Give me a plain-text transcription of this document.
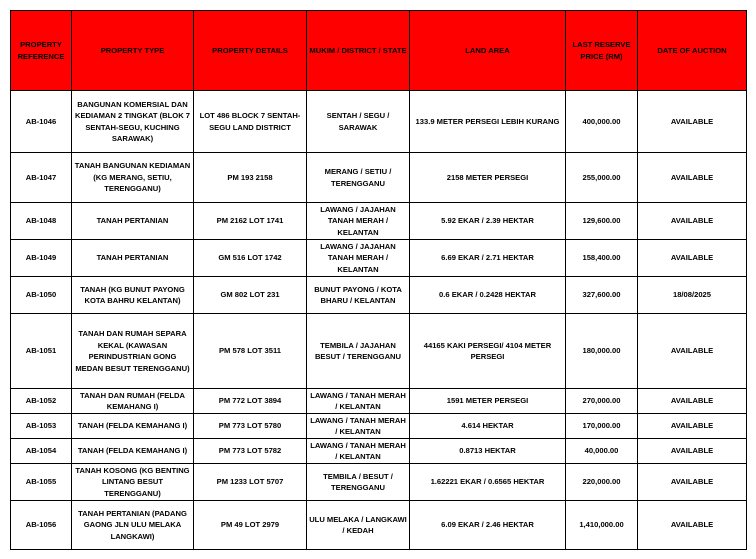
PROPERTY REFERENCE	PROPERTY TYPE	PROPERTY DETAILS	MUKIM / DISTRICT / STATE	LAND AREA	LAST RESERVE PRICE (RM)	DATE OF AUCTION
AB-1046	BANGUNAN KOMERSIAL DAN KEDIAMAN 2 TINGKAT (BLOK 7 SENTAH-SEGU, KUCHING SARAWAK)	LOT 486 BLOCK 7 SENTAH-SEGU LAND DISTRICT	SENTAH / SEGU / SARAWAK	133.9 METER PERSEGI LEBIH KURANG	400,000.00	AVAILABLE
AB-1047	TANAH BANGUNAN KEDIAMAN (KG MERANG, SETIU, TERENGGANU)	PM 193 2158	MERANG / SETIU / TERENGGANU	2158 METER PERSEGI	255,000.00	AVAILABLE
AB-1048	TANAH PERTANIAN	PM 2162 LOT 1741	LAWANG / JAJAHAN TANAH MERAH / KELANTAN	5.92 EKAR / 2.39 HEKTAR	129,600.00	AVAILABLE
AB-1049	TANAH PERTANIAN	GM 516 LOT 1742	LAWANG / JAJAHAN TANAH MERAH / KELANTAN	6.69 EKAR / 2.71 HEKTAR	158,400.00	AVAILABLE
AB-1050	TANAH (KG BUNUT PAYONG KOTA BAHRU KELANTAN)	GM 802 LOT 231	BUNUT PAYONG / KOTA BHARU / KELANTAN	0.6 EKAR / 0.2428 HEKTAR	327,600.00	18/08/2025
AB-1051	TANAH DAN RUMAH SEPARA KEKAL (KAWASAN PERINDUSTRIAN GONG MEDAN BESUT TERENGGANU)	PM 578 LOT 3511	TEMBILA / JAJAHAN BESUT / TERENGGANU	44165 KAKI PERSEGI/ 4104 METER PERSEGI	180,000.00	AVAILABLE
AB-1052	TANAH DAN RUMAH (FELDA KEMAHANG I)	PM 772 LOT 3894	LAWANG / TANAH MERAH / KELANTAN	1591 METER PERSEGI	270,000.00	AVAILABLE
AB-1053	TANAH (FELDA KEMAHANG I)	PM 773 LOT 5780	LAWANG / TANAH MERAH / KELANTAN	4.614 HEKTAR	170,000.00	AVAILABLE
AB-1054	TANAH (FELDA KEMAHANG I)	PM 773 LOT 5782	LAWANG / TANAH MERAH / KELANTAN	0.8713 HEKTAR	40,000.00	AVAILABLE
AB-1055	TANAH KOSONG (KG BENTING LINTANG BESUT TERENGGANU)	PM 1233 LOT 5707	TEMBILA / BESUT / TERENGGANU	1.62221 EKAR / 0.6565 HEKTAR	220,000.00	AVAILABLE
AB-1056	TANAH PERTANIAN (PADANG GAONG JLN ULU MELAKA LANGKAWI)	PM 49 LOT 2979	ULU MELAKA / LANGKAWI / KEDAH	6.09 EKAR / 2.46 HEKTAR	1,410,000.00	AVAILABLE
